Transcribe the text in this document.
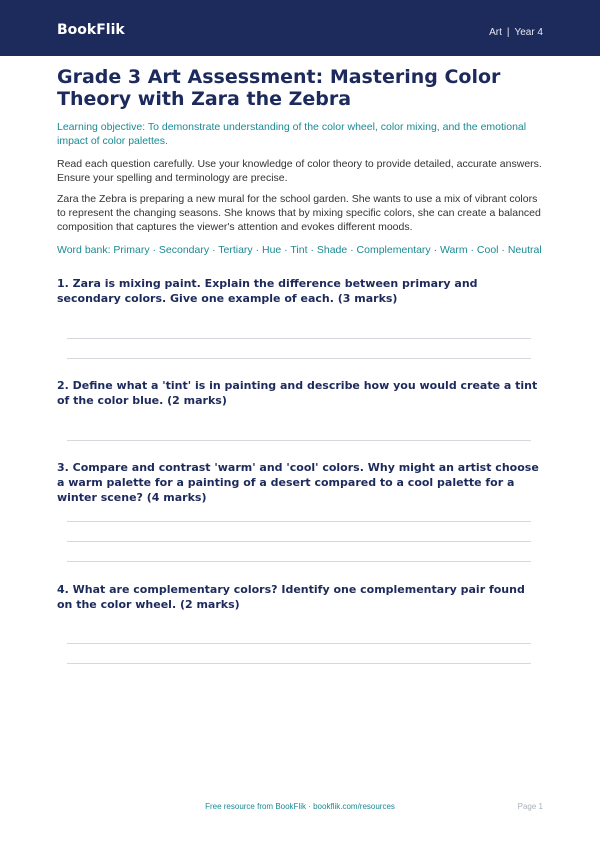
BookFlik	Art | Year 4
Grade 3 Art Assessment: Mastering Color Theory with Zara the Zebra

Learning objective: To demonstrate understanding of the color wheel, color mixing, and the emotional impact of color palettes.

Read each question carefully. Use your knowledge of color theory to provide detailed, accurate answers. Ensure your spelling and terminology are precise.

Zara the Zebra is preparing a new mural for the school garden. She wants to use a mix of vibrant colors to represent the changing seasons. She knows that by mixing specific colors, she can create a balanced composition that captures the viewer's attention and evokes different moods.

Word bank: Primary · Secondary · Tertiary · Hue · Tint · Shade · Complementary · Warm · Cool · Neutral

1. Zara is mixing paint. Explain the difference between primary and secondary colors. Give one example of each. (3 marks)
2. Define what a 'tint' is in painting and describe how you would create a tint of the color blue. (2 marks)
3. Compare and contrast 'warm' and 'cool' colors. Why might an artist choose a warm palette for a painting of a desert compared to a cool palette for a winter scene? (4 marks)
4. What are complementary colors? Identify one complementary pair found on the color wheel. (2 marks)
Free resource from BookFlik · bookflik.com/resources	Page 1
